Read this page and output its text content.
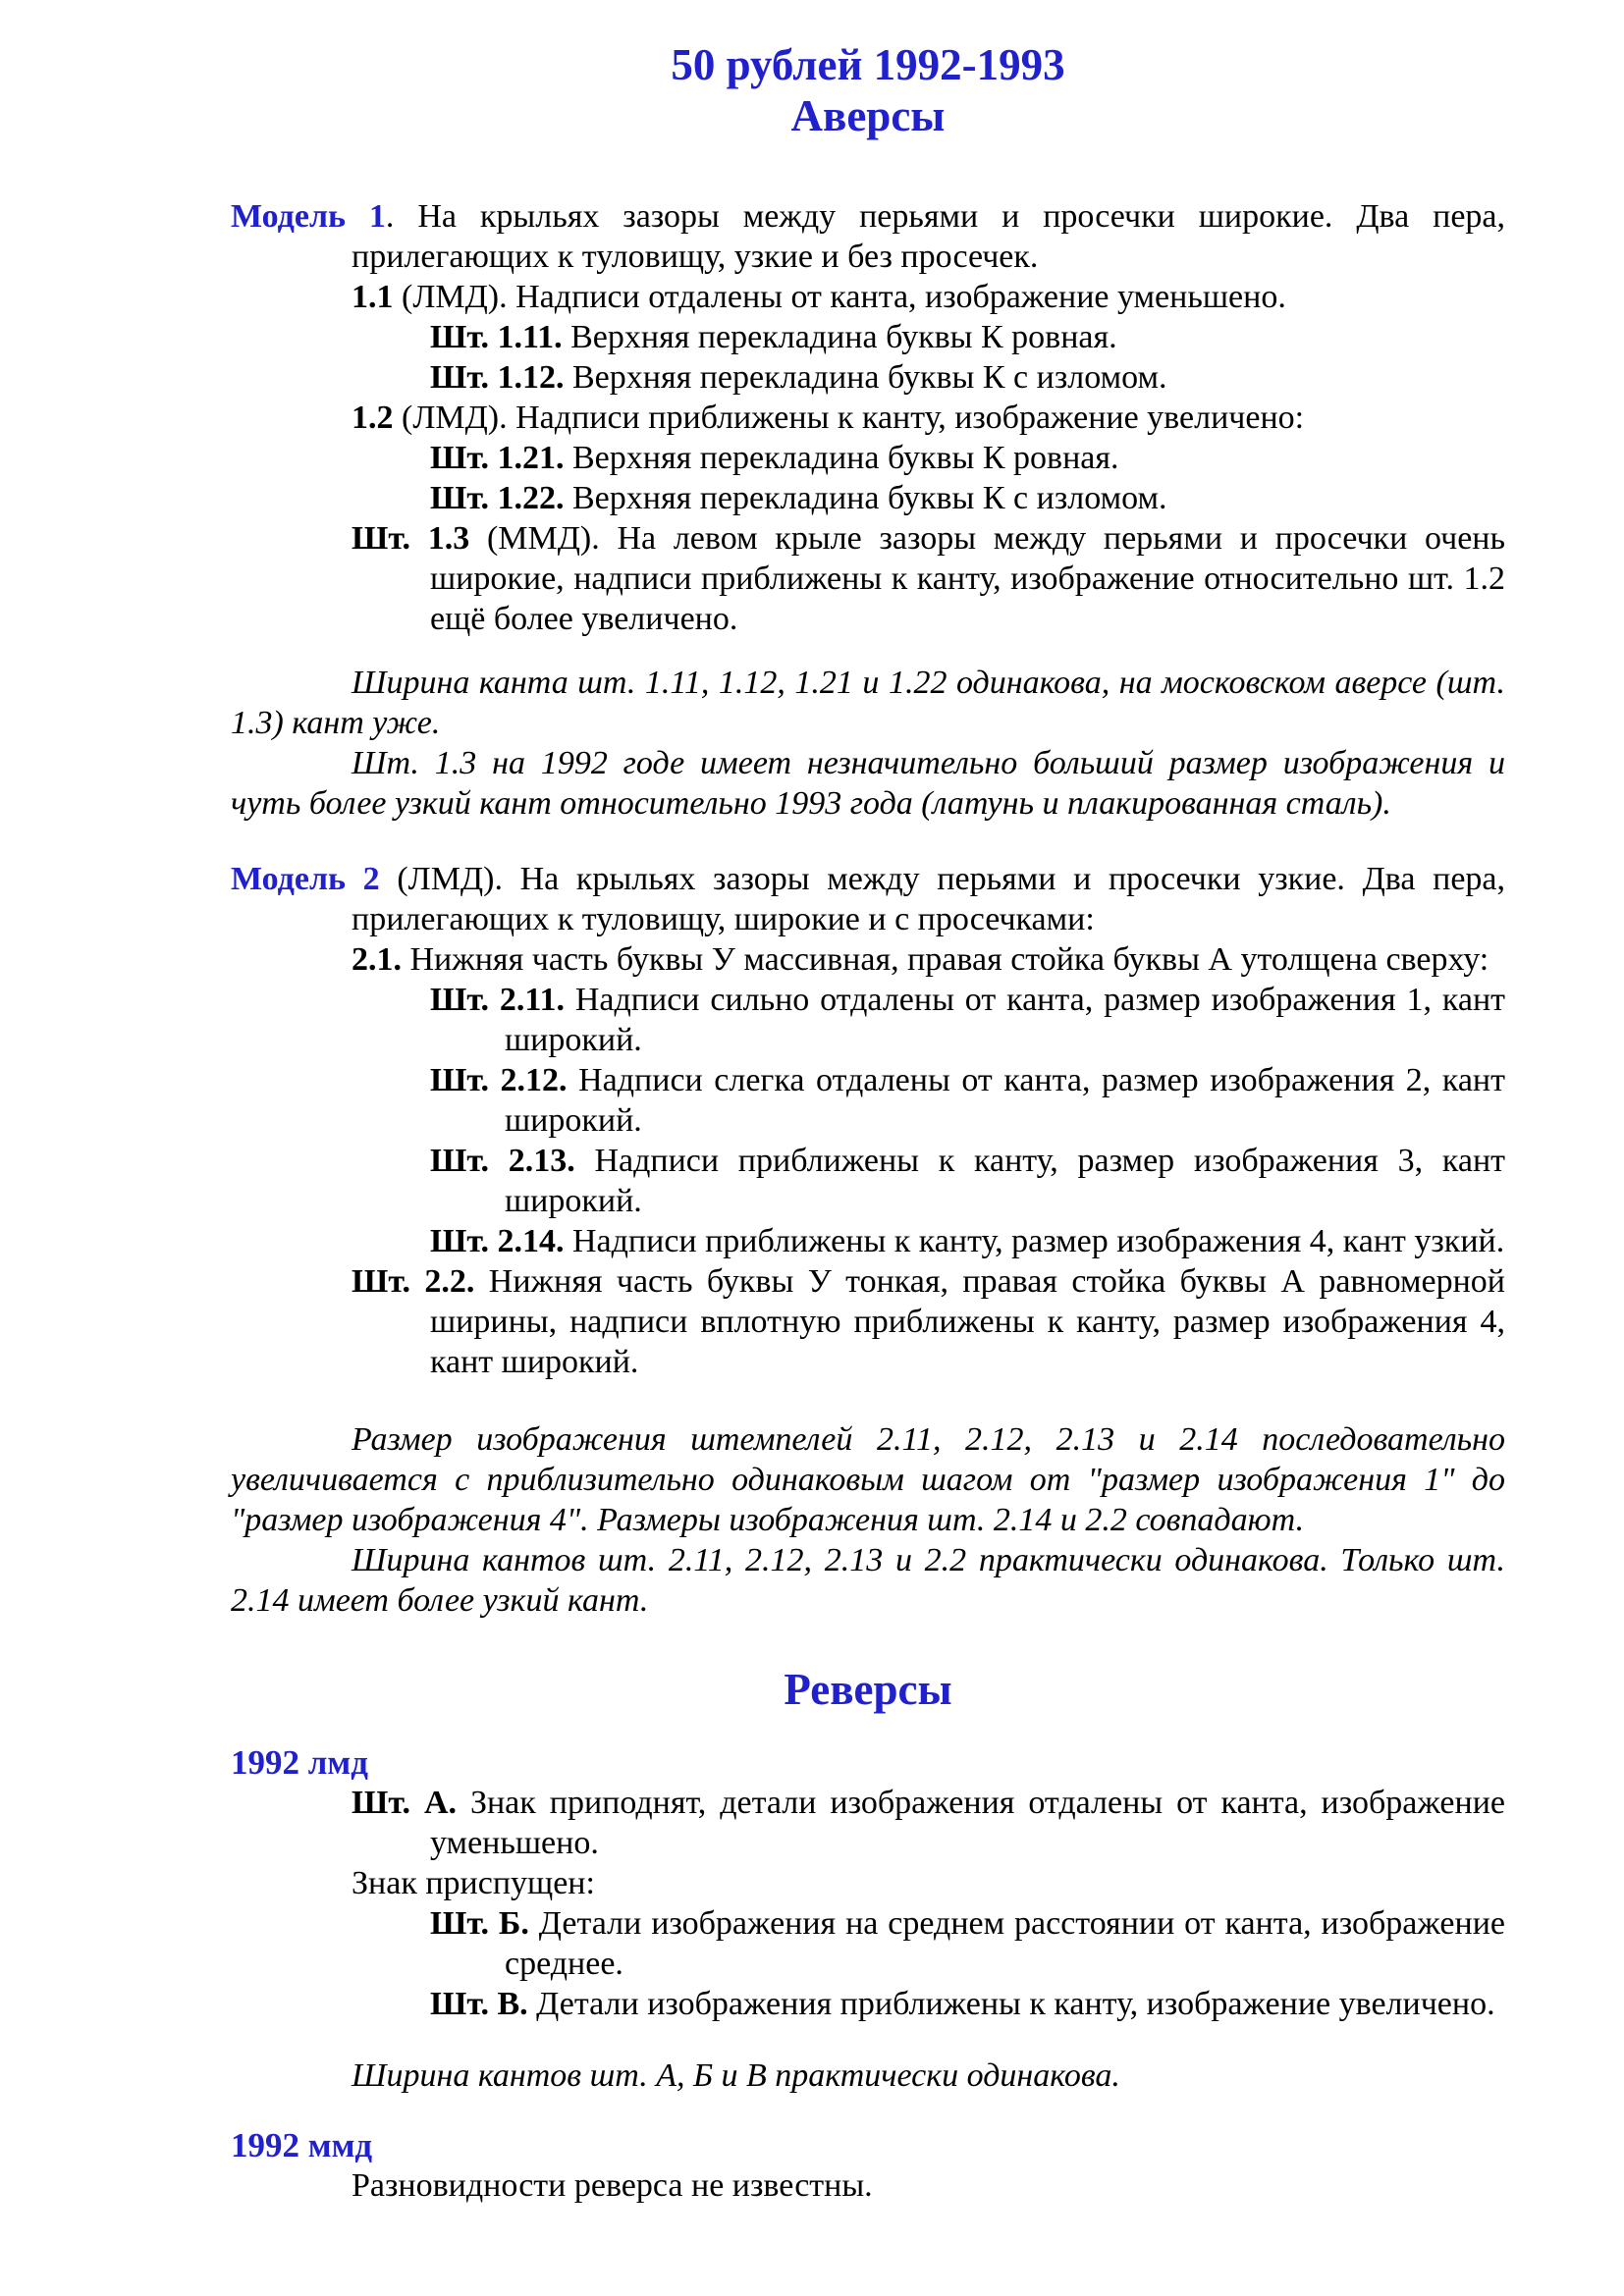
50 рублей 1992-1993
Аверсы

Модель 1. На крыльях зазоры между перьями и просечки широкие. Два пера, прилегающих к туловищу, узкие и без просечек.

1.1 (ЛМД). Надписи отдалены от канта, изображение уменьшено.

Шт. 1.11. Верхняя перекладина буквы К ровная.

Шт. 1.12. Верхняя перекладина буквы К с изломом.

1.2 (ЛМД). Надписи приближены к канту, изображение увеличено:

Шт. 1.21. Верхняя перекладина буквы К ровная.

Шт. 1.22. Верхняя перекладина буквы К с изломом.

Шт. 1.3 (ММД). На левом крыле зазоры между перьями и просечки очень широкие, надписи приближены к канту, изображение относительно шт. 1.2 ещё более увеличено.

Ширина канта шт. 1.11, 1.12, 1.21 и 1.22 одинакова, на московском аверсе (шт. 1.3) кант уже.

Шт. 1.3 на 1992 годе имеет незначительно больший размер изображения и чуть более узкий кант относительно 1993 года (латунь и плакированная сталь).

Модель 2 (ЛМД). На крыльях зазоры между перьями и просечки узкие. Два пера, прилегающих к туловищу, широкие и с просечками:

2.1. Нижняя часть буквы У массивная, правая стойка буквы А утолщена сверху:

Шт. 2.11. Надписи сильно отдалены от канта, размер изображения 1, кант широкий.

Шт. 2.12. Надписи слегка отдалены от канта, размер изображения 2, кант широкий.

Шт. 2.13. Надписи приближены к канту, размер изображения 3, кант широкий.

Шт. 2.14. Надписи приближены к канту, размер изображения 4, кант узкий.

Шт. 2.2. Нижняя часть буквы У тонкая, правая стойка буквы А равномерной ширины, надписи вплотную приближены к канту, размер изображения 4, кант широкий.

Размер изображения штемпелей 2.11, 2.12, 2.13 и 2.14 последовательно увеличивается с приблизительно одинаковым шагом от "размер изображения 1" до "размер изображения 4". Размеры изображения шт. 2.14 и 2.2 совпадают.

Ширина кантов шт. 2.11, 2.12, 2.13 и 2.2 практически одинакова. Только шт. 2.14 имеет более узкий кант.

Реверсы

1992 лмд

Шт. А. Знак приподнят, детали изображения отдалены от канта, изображение уменьшено.

Знак приспущен:

Шт. Б. Детали изображения на среднем расстоянии от канта, изображение среднее.

Шт. В. Детали изображения приближены к канту, изображение увеличено.

Ширина кантов шт. А, Б и В практически одинакова.

1992 ммд

Разновидности реверса не известны.
